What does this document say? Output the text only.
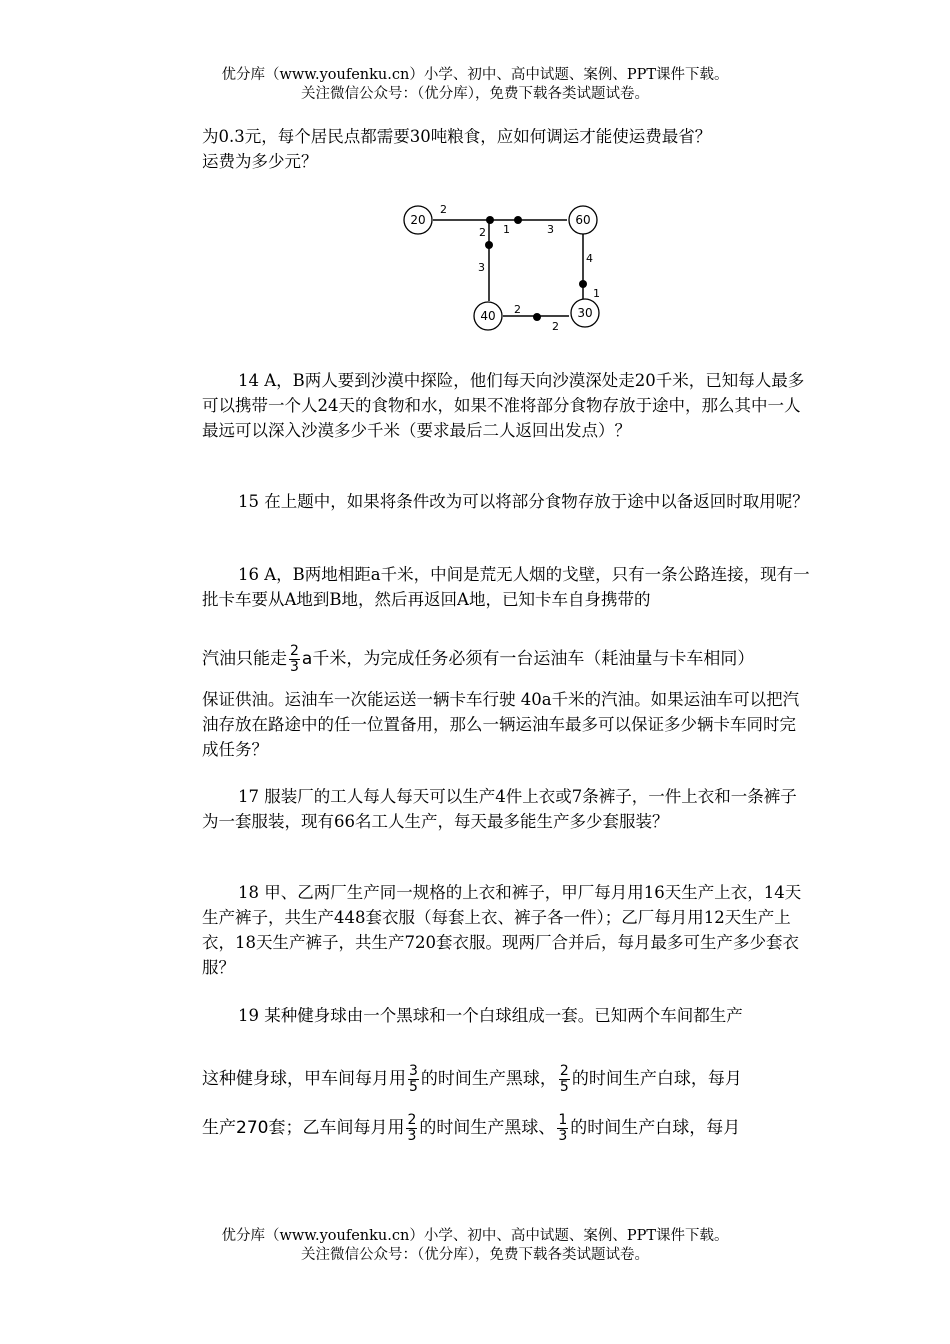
优分库（www.youfenku.cn）小学、初中、高中试题、案例、PPT课件下载。
关注微信公众号：（优分库），免费下载各类试题试卷。

为0.3元，每个居民点都需要30吨粮食，应如何调运才能使运费最省？

运费为多少元？

20	60
40	30
2
1	3
2
3
4
1
2
2

14 A，B两人要到沙漠中探险，他们每天向沙漠深处走20千米，已知每人最多可以携带一个人24天的食物和水，如果不准将部分食物存放于途中，那么其中一人最远可以深入沙漠多少千米（要求最后二人返回出发点）？

15 在上题中，如果将条件改为可以将部分食物存放于途中以备返回时取用呢？

16 A，B两地相距a千米，中间是荒无人烟的戈壁，只有一条公路连接，现有一批卡车要从A地到B地，然后再返回A地，已知卡车自身携带的

汽油只能走 $\frac{2}{3}$ a千米，为完成任务必须有一台运油车（耗油量与卡车相同）

保证供油。运油车一次能运送一辆卡车行驶 40a千米的汽油。如果运油车可以把汽油存放在路途中的任一位置备用，那么一辆运油车最多可以保证多少辆卡车同时完成任务？

17 服装厂的工人每人每天可以生产4件上衣或7条裤子，一件上衣和一条裤子为一套服装，现有66名工人生产，每天最多能生产多少套服装？

18 甲、乙两厂生产同一规格的上衣和裤子，甲厂每月用16天生产上衣，14天生产裤子，共生产448套衣服（每套上衣、裤子各一件）；乙厂每月用12天生产上衣，18天生产裤子，共生产720套衣服。现两厂合并后，每月最多可生产多少套衣服？

19 某种健身球由一个黑球和一个白球组成一套。已知两个车间都生产

这种健身球，甲车间每月用 $\frac{3}{5}$ 的时间生产黑球， $\frac{2}{5}$ 的时间生产白球，每月
生产270套；乙车间每月用 $\frac{2}{3}$ 的时间生产黑球、 $\frac{1}{3}$ 的时间生产白球，每月
优分库（www.youfenku.cn）小学、初中、高中试题、案例、PPT课件下载。
关注微信公众号：（优分库），免费下载各类试题试卷。
